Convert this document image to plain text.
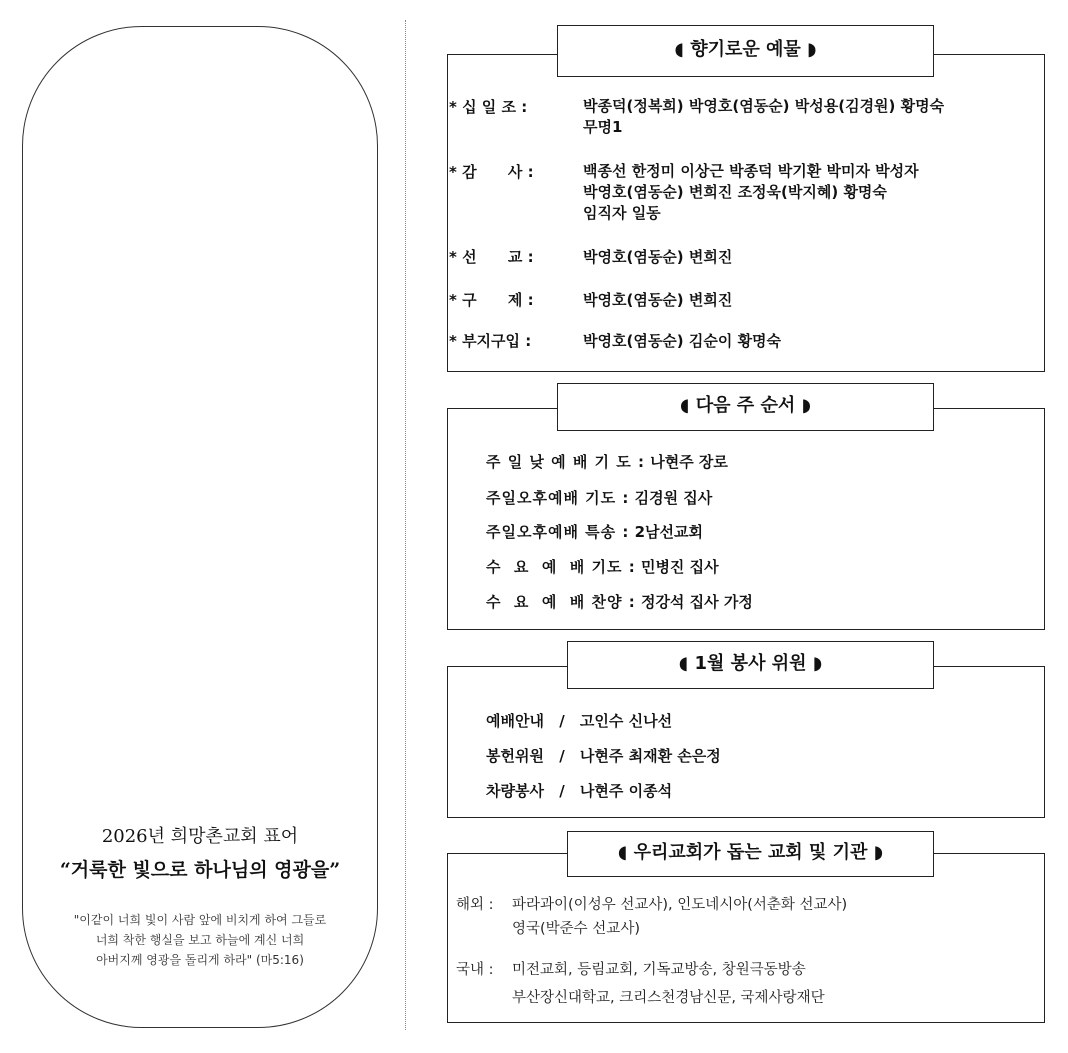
2026년 희망촌교회 표어
“거룩한 빛으로 하나님의 영광을”
"이같이 너희 빛이 사람 앞에 비치게 하여 그들로
너희 착한 행실을 보고 하늘에 계신 너희
아버지께 영광을 돌리게 하라" (마5:16)
◖ 향기로운 예물 ◗
* 십 일 조 :	박종덕(정복희) 박영호(염동순) 박성용(김경원) 황명숙
무명1
* 감      사 :	백종선 한정미 이상근 박종덕 박기환 박미자 박성자
박영호(염동순) 변희진 조정욱(박지혜) 황명숙
임직자 일동
* 선      교 :	박영호(염동순) 변희진
* 구      제 :	박영호(염동순) 변희진
* 부지구입 :	박영호(염동순) 김순이 황명숙
◖ 다음 주 순서 ◗
주 일 낮 예 배 기 도 : 나현주 장로
주일오후예배 기도 : 김경원 집사
주일오후예배 특송 : 2남선교회
수  요  예  배 기도 : 민병진 집사
수  요  예  배 찬양 : 정강석 집사 가정
◖ 1월 봉사 위원 ◗
예배안내 / 고인수 신나선
봉헌위원 / 나현주 최재환 손은정
차량봉사 / 나현주 이종석
◖ 우리교회가 돕는 교회 및 기관 ◗
해외 : 파라과이(이성우 선교사), 인도네시아(서춘화 선교사)
영국(박준수 선교사)
국내 : 미전교회, 등림교회, 기독교방송, 창원극동방송
부산장신대학교, 크리스천경남신문, 국제사랑재단
